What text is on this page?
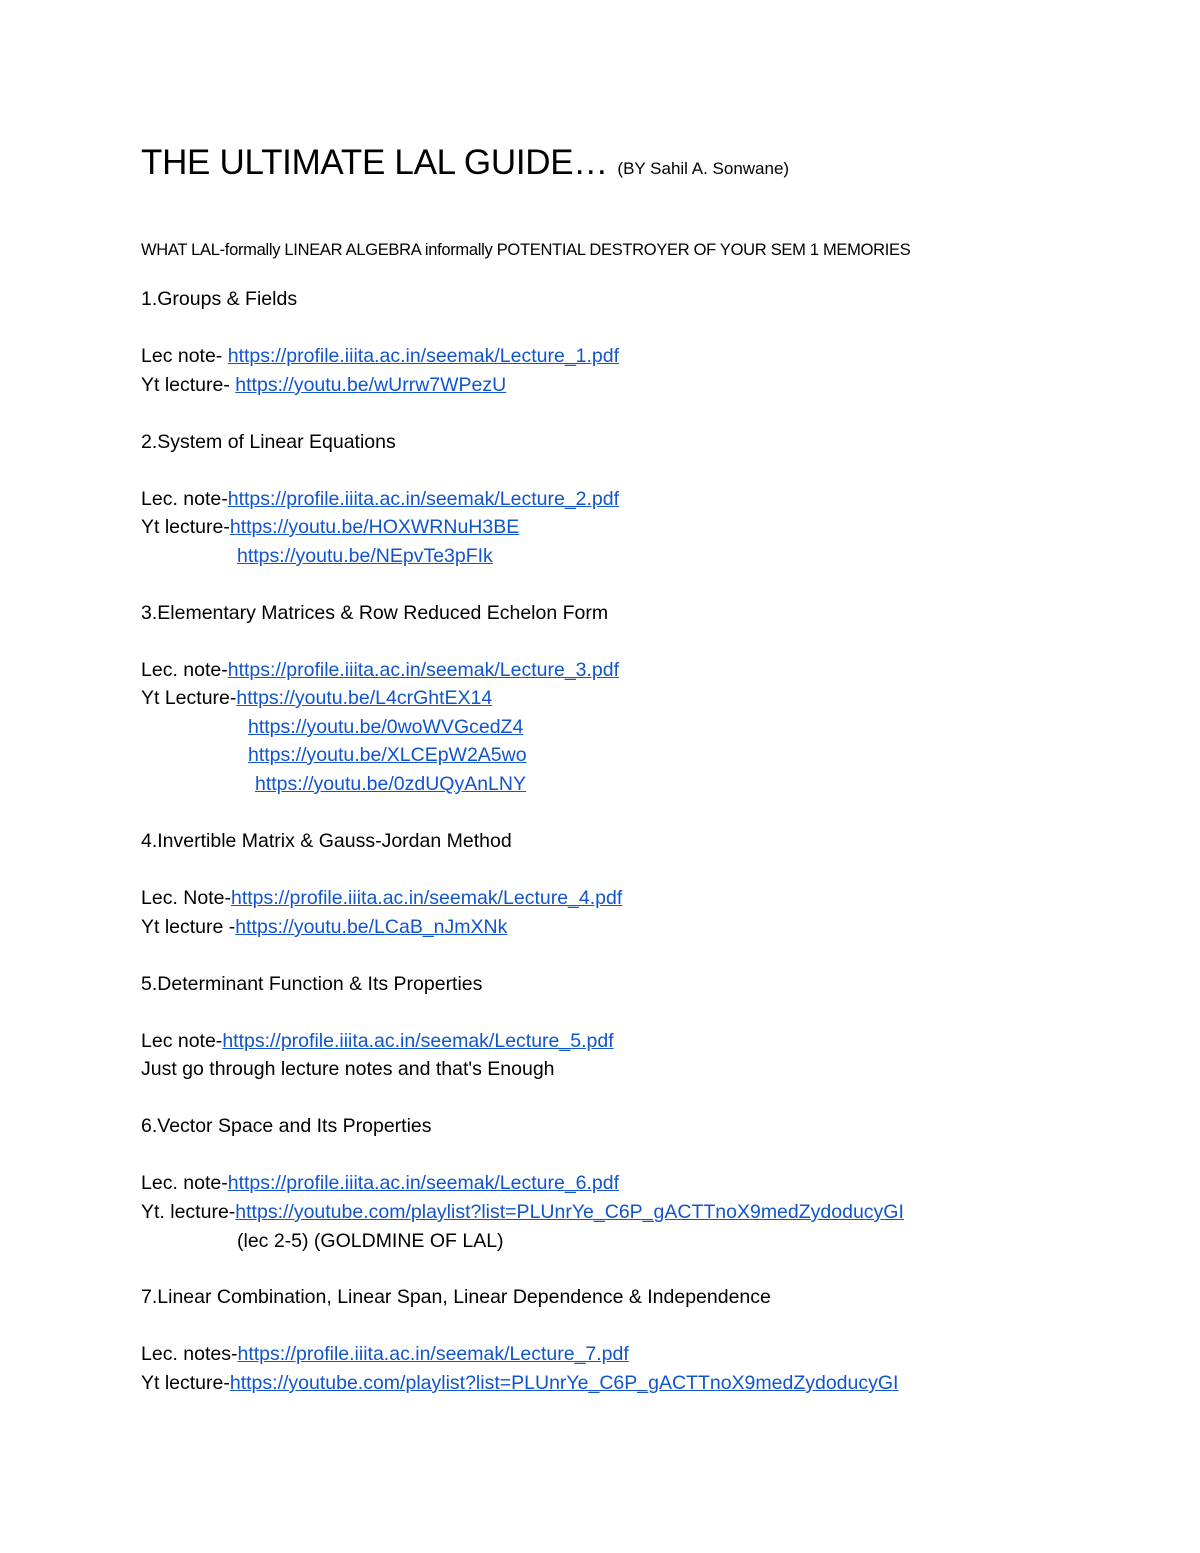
THE ULTIMATE LAL GUIDE… (BY Sahil A. Sonwane)
WHAT LAL-formally LINEAR ALGEBRA informally POTENTIAL DESTROYER OF YOUR SEM 1 MEMORIES
1.Groups & Fields
Lec note- https://profile.iiita.ac.in/seemak/Lecture_1.pdf
Yt lecture- https://youtu.be/wUrrw7WPezU
2.System of Linear Equations
Lec. note-https://profile.iiita.ac.in/seemak/Lecture_2.pdf
Yt lecture-https://youtu.be/HOXWRNuH3BE
https://youtu.be/NEpvTe3pFIk
3.Elementary Matrices & Row Reduced Echelon Form
Lec. note-https://profile.iiita.ac.in/seemak/Lecture_3.pdf
Yt Lecture-https://youtu.be/L4crGhtEX14
https://youtu.be/0woWVGcedZ4
https://youtu.be/XLCEpW2A5wo
https://youtu.be/0zdUQyAnLNY
4.Invertible Matrix & Gauss-Jordan Method
Lec. Note-https://profile.iiita.ac.in/seemak/Lecture_4.pdf
Yt lecture -https://youtu.be/LCaB_nJmXNk
5.Determinant Function & Its Properties
Lec note-https://profile.iiita.ac.in/seemak/Lecture_5.pdf
Just go through lecture notes and that's Enough
6.Vector Space and Its Properties
Lec. note-https://profile.iiita.ac.in/seemak/Lecture_6.pdf
Yt. lecture-https://youtube.com/playlist?list=PLUnrYe_C6P_gACTTnoX9medZydoducyGI
(lec 2-5) (GOLDMINE OF LAL)
7.Linear Combination, Linear Span, Linear Dependence & Independence
Lec. notes-https://profile.iiita.ac.in/seemak/Lecture_7.pdf
Yt lecture-https://youtube.com/playlist?list=PLUnrYe_C6P_gACTTnoX9medZydoducyGI
